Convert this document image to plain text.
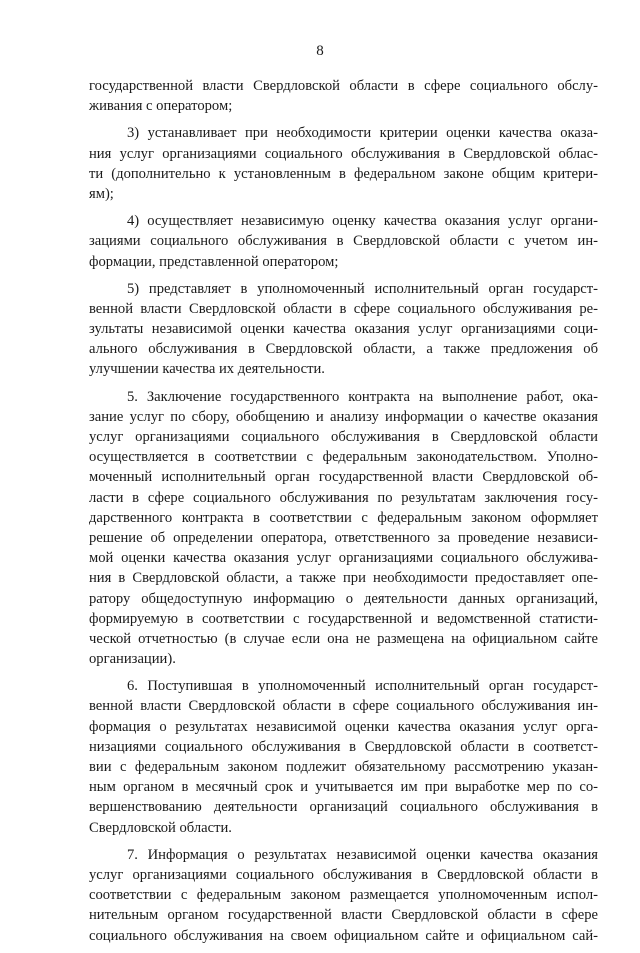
8
государственной власти Свердловской области в сфере социального обслу-
живания с оператором;
3) устанавливает при необходимости критерии оценки качества оказа-
ния услуг организациями социального обслуживания в Свердловской облас-
ти (дополнительно к установленным в федеральном законе общим критери-
ям);
4) осуществляет независимую оценку качества оказания услуг органи-
зациями социального обслуживания в Свердловской области с учетом ин-
формации, представленной оператором;
5) представляет в уполномоченный исполнительный орган государст-
венной власти Свердловской области в сфере социального обслуживания ре-
зультаты независимой оценки качества оказания услуг организациями соци-
ального обслуживания в Свердловской области, а также предложения об
улучшении качества их деятельности.
5. Заключение государственного контракта на выполнение работ, ока-
зание услуг по сбору, обобщению и анализу информации о качестве оказания
услуг организациями социального обслуживания в Свердловской области
осуществляется в соответствии с федеральным законодательством. Уполно-
моченный исполнительный орган государственной власти Свердловской об-
ласти в сфере социального обслуживания по результатам заключения госу-
дарственного контракта в соответствии с федеральным законом оформляет
решение об определении оператора, ответственного за проведение независи-
мой оценки качества оказания услуг организациями социального обслужива-
ния в Свердловской области, а также при необходимости предоставляет опе-
ратору общедоступную информацию о деятельности данных организаций,
формируемую в соответствии с государственной и ведомственной статисти-
ческой отчетностью (в случае если она не размещена на официальном сайте
организации).
6. Поступившая в уполномоченный исполнительный орган государст-
венной власти Свердловской области в сфере социального обслуживания ин-
формация о результатах независимой оценки качества оказания услуг орга-
низациями социального обслуживания в Свердловской области в соответст-
вии с федеральным законом подлежит обязательному рассмотрению указан-
ным органом в месячный срок и учитывается им при выработке мер по со-
вершенствованию деятельности организаций социального обслуживания в
Свердловской области.
7. Информация о результатах независимой оценки качества оказания
услуг организациями социального обслуживания в Свердловской области в
соответствии с федеральным законом размещается уполномоченным испол-
нительным органом государственной власти Свердловской области в сфере
социального обслуживания на своем официальном сайте и официальном сай-
